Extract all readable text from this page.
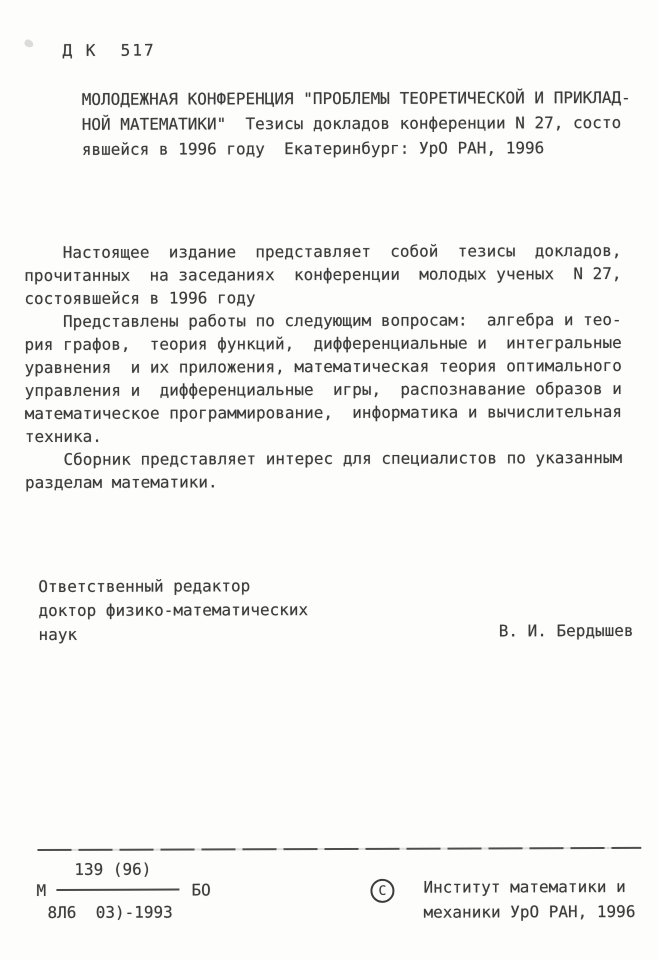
Д К  517
МОЛОДЕЖНАЯ КОНФЕРЕНЦИЯ "ПРОБЛЕМЫ ТЕОРЕТИЧЕСКОЙ И ПРИКЛАД-
НОЙ МАТЕМАТИКИ"  Тезисы докладов конференции N 27, состо
явшейся в 1996 году  Екатеринбург: УрО РАН, 1996
Настоящее  издание  представляет  собой  тезисы  докладов,
прочитанных  на заседаниях  конференции  молодых ученых  N 27,
состоявшейся в 1996 году
Представлены работы по следующим вопросам:  алгебра и тео-
рия графов,  теория функций,  дифференциальные и  интегральные
уравнения  и их приложения, математическая теория оптимального
управления и  дифференциальные  игры,  распознавание образов и
математическое программирование,  информатика и вычислительная
техника.
Сборник представляет интерес для специалистов по указанным
разделам математики.
Ответственный редактор
доктор физико-математических
наук	В. И. Бердышев
М
139 (96)
БО
8Л6  03)-1993
С Институт математики и
механики УрО РАН, 1996
